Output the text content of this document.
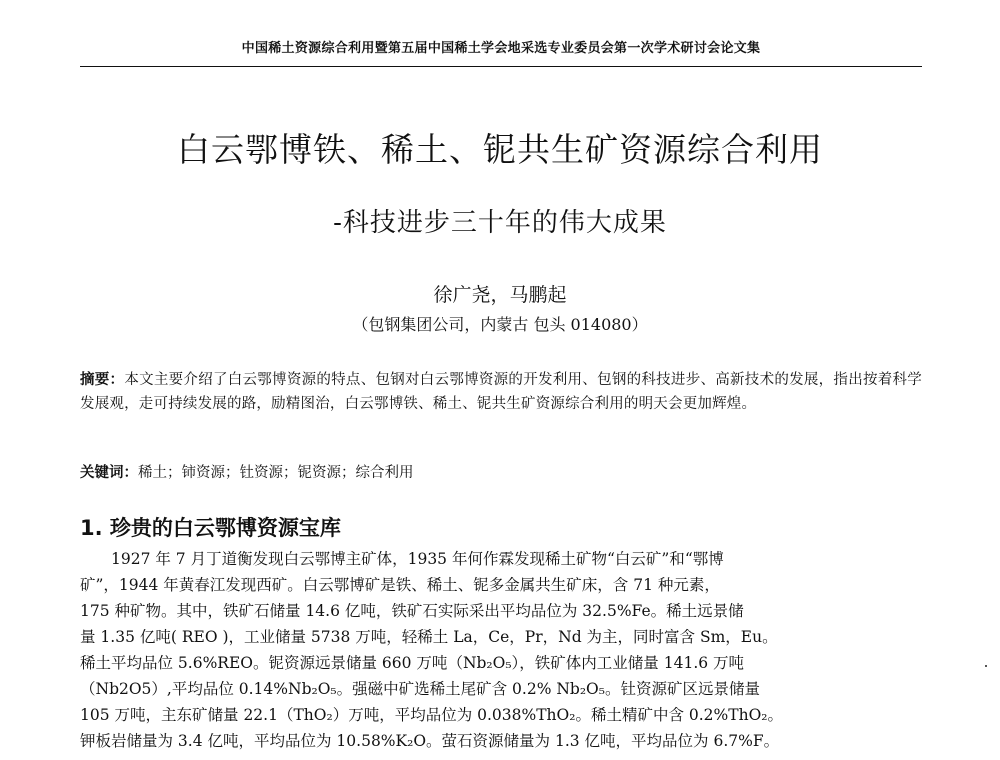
中国稀土资源综合利用暨第五届中国稀土学会地采选专业委员会第一次学术研讨会论文集
白云鄂博铁、稀土、铌共生矿资源综合利用
-科技进步三十年的伟大成果
徐广尧，马鹏起
（包钢集团公司，内蒙古 包头 014080）
摘要：本文主要介绍了白云鄂博资源的特点、包钢对白云鄂博资源的开发利用、包钢的科技进步、高新技术的发展，指出按着科学发展观，走可持续发展的路，励精图治，白云鄂博铁、稀土、铌共生矿资源综合利用的明天会更加辉煌。
关键词：稀土；铈资源；钍资源；铌资源；综合利用
1. 珍贵的白云鄂博资源宝库
1927 年 7 月丁道衡发现白云鄂博主矿体，1935 年何作霖发现稀土矿物“白云矿”和“鄂博
矿”，1944 年黄春江发现西矿。白云鄂博矿是铁、稀土、铌多金属共生矿床，含 71 种元素，
175 种矿物。其中，铁矿石储量 14.6 亿吨，铁矿石实际采出平均品位为 32.5%Fe。稀土远景储
量 1.35 亿吨( REO )，工业储量 5738 万吨，轻稀土 La，Ce，Pr，Nd 为主，同时富含 Sm，Eu。
稀土平均品位 5.6%REO。铌资源远景储量 660 万吨（Nb₂O₅），铁矿体内工业储量 141.6 万吨
（Nb2O5）,平均品位 0.14%Nb₂O₅。强磁中矿选稀土尾矿含 0.2% Nb₂O₅。钍资源矿区远景储量
105 万吨，主东矿储量 22.1（ThO₂）万吨，平均品位为 0.038%ThO₂。稀土精矿中含 0.2%ThO₂。
钾板岩储量为 3.4 亿吨，平均品位为 10.58%K₂O。萤石资源储量为 1.3 亿吨，平均品位为 6.7%F。
